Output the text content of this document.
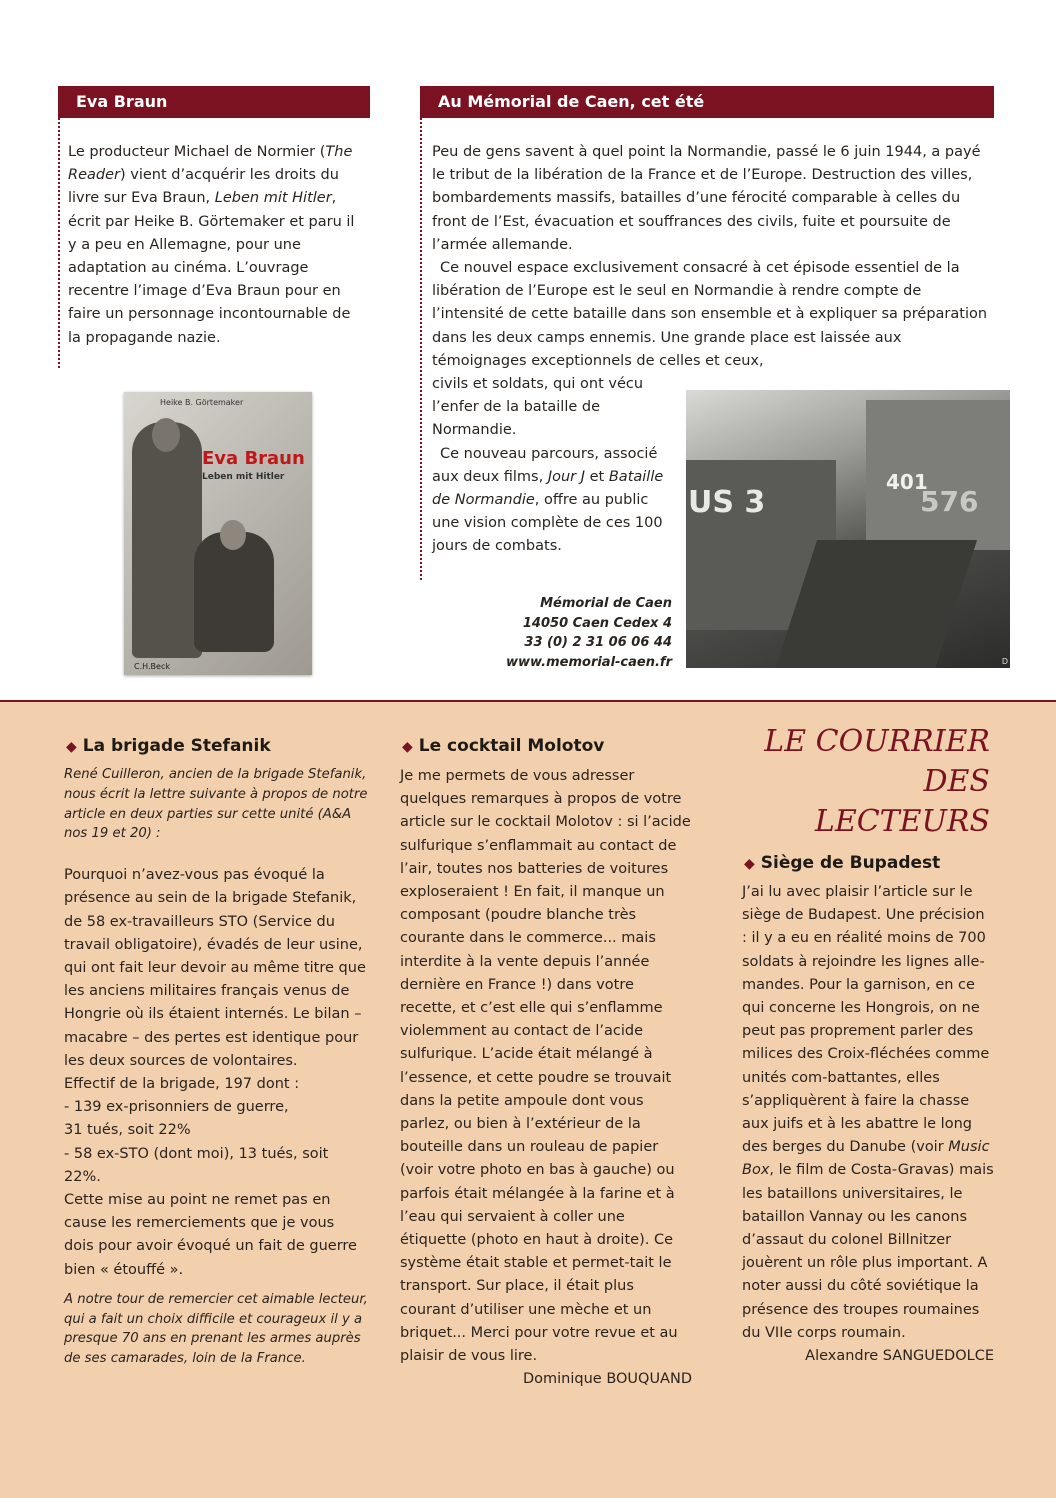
Eva Braun

Le producteur Michael de Normier (The Reader) vient d’acquérir les droits du livre sur Eva Braun, Leben mit Hitler, écrit par Heike B. Görtemaker et paru il y a peu en Allemagne, pour une adaptation au cinéma. L’ouvrage recentre l’image d’Eva Braun pour en faire un personnage incontournable de la propagande nazie.

Heike B. Görtemaker
Eva Braun
Leben mit Hitler
C.H.Beck
Au Mémorial de Caen, cet été

Peu de gens savent à quel point la Normandie, passé le 6 juin 1944, a payé le tribut de la libération de la France et de l’Europe. Destruction des villes, bombardements massifs, batailles d’une férocité comparable à celles du front de l’Est, évacuation et souffrances des civils, fuite et poursuite de l’armée allemande.

Ce nouvel espace exclusivement consacré à cet épisode essentiel de la libération de l’Europe est le seul en Normandie à rendre compte de l’intensité de cette bataille dans son ensemble et à expliquer sa préparation dans les deux camps ennemis. Une grande place est laissée aux témoignages exceptionnels de celles et ceux,

civils et soldats, qui ont vécu l’enfer de la bataille de Normandie.

Ce nouveau parcours, associé aux deux films, Jour J et Bataille de Normandie, offre au public une vision complète de ces 100 jours de combats.

US 3
401
576
D
Mémorial de Caen
14050 Caen Cedex 4
33 (0) 2 31 06 06 44
www.memorial-caen.fr
◆ La brigade Stefanik

René Cuilleron, ancien de la brigade Stefanik, nous écrit la lettre suivante à propos de notre article en deux parties sur cette unité (A&A nos 19 et 20) :

Pourquoi n’avez-vous pas évoqué la présence au sein de la brigade Stefanik, de 58 ex-travailleurs STO (Service du travail obligatoire), évadés de leur usine, qui ont fait leur devoir au même titre que les anciens militaires français venus de Hongrie où ils étaient internés. Le bilan – macabre – des pertes est identique pour les deux sources de volontaires.

Effectif de la brigade, 197 dont :

- 139 ex-prisonniers de guerre,

31 tués, soit 22%

- 58 ex-STO (dont moi), 13 tués, soit 22%.

Cette mise au point ne remet pas en cause les remerciements que je vous dois pour avoir évoqué un fait de guerre bien « étouffé ».

A notre tour de remercier cet aimable lecteur, qui a fait un choix difficile et courageux il y a presque 70 ans en prenant les armes auprès de ses camarades, loin de la France.

◆ Le cocktail Molotov

Je me permets de vous adresser quelques remarques à propos de votre article sur le cocktail Molotov : si l’acide sulfurique s’enflammait au contact de l’air, toutes nos batteries de voitures exploseraient ! En fait, il manque un composant (poudre blanche très courante dans le commerce... mais interdite à la vente depuis l’année dernière en France !) dans votre recette, et c’est elle qui s’enflamme violemment au contact de l’acide sulfurique. L’acide était mélangé à l’essence, et cette poudre se trouvait dans la petite ampoule dont vous parlez, ou bien à l’extérieur de la bouteille dans un rouleau de papier (voir votre photo en bas à gauche) ou parfois était mélangée à la farine et à l’eau qui servaient à coller une étiquette (photo en haut à droite). Ce système était stable et permet-tait le transport. Sur place, il était plus courant d’utiliser une mèche et un briquet... Merci pour votre revue et au plaisir de vous lire.

Dominique BOUQUAND

LE COURRIER
DES LECTEURS
◆ Siège de Bupadest

J’ai lu avec plaisir l’article sur le siège de Budapest. Une précision : il y a eu en réalité moins de 700 soldats à rejoindre les lignes alle-mandes. Pour la garnison, en ce qui concerne les Hongrois, on ne peut pas proprement parler des milices des Croix-fléchées comme unités com-battantes, elles s’appliquèrent à faire la chasse aux juifs et à les abattre le long des berges du Danube (voir Music Box, le film de Costa-Gravas) mais les bataillons universitaires, le bataillon Vannay ou les canons d’assaut du colonel Billnitzer jouèrent un rôle plus important. A noter aussi du côté soviétique la présence des troupes roumaines du VIIe corps roumain.

Alexandre SANGUEDOLCE
